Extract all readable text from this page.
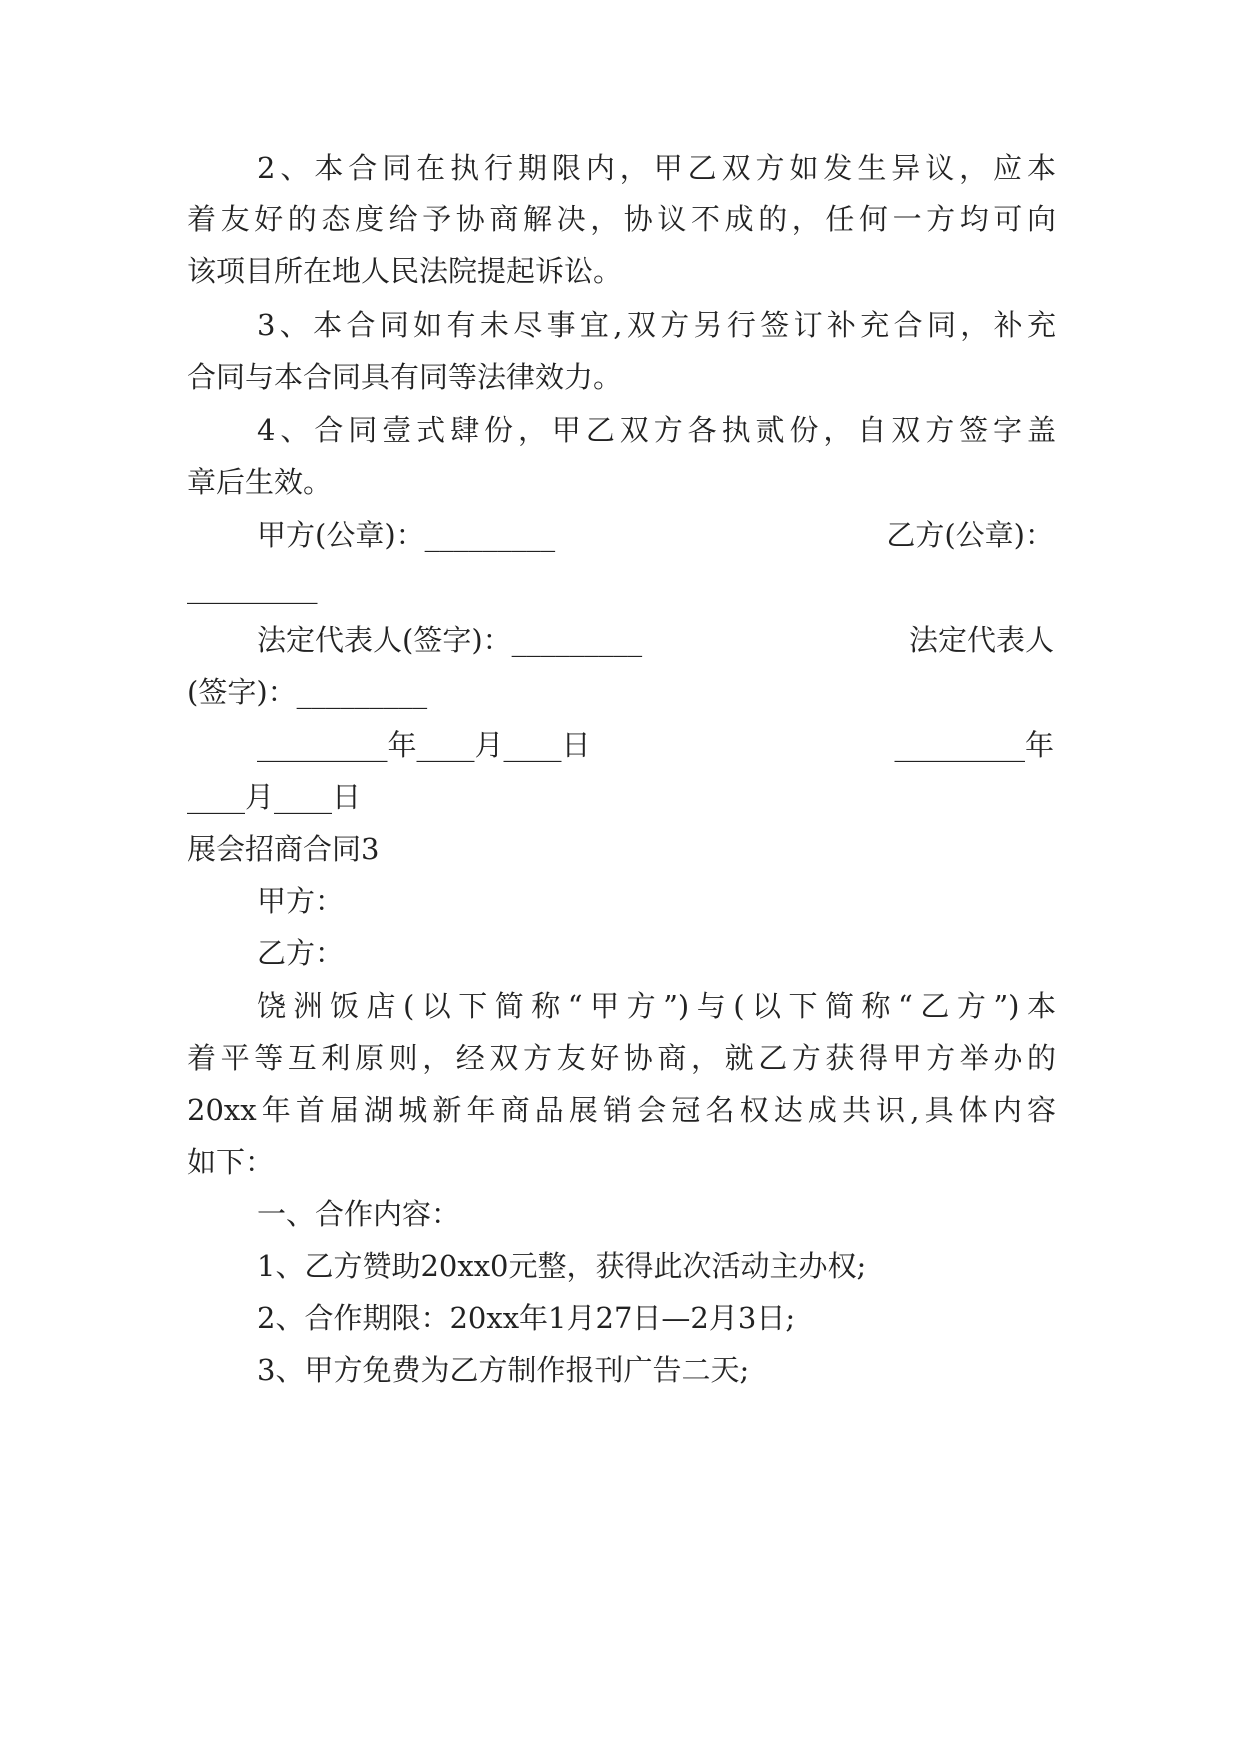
2、本合同在执行期限内，甲乙双方如发生异议，应本
着友好的态度给予协商解决，协议不成的，任何一方均可向
该项目所在地人民法院提起诉讼。
3、本合同如有未尽事宜,双方另行签订补充合同，补充
合同与本合同具有同等法律效力。
4、合同壹式肆份，甲乙双方各执贰份，自双方签字盖
章后生效。
甲方(公章)：_________	乙方(公章)：
_________
法定代表人(签字)：_________	法定代表人
(签字)：_________
_________年____月____日	_________年
____月____日
展会招商合同3
甲方：
乙方：
饶洲饭店(以下简称“甲方”)与(以下简称“乙方”)本
着平等互利原则，经双方友好协商，就乙方获得甲方举办的
20xx年首届湖城新年商品展销会冠名权达成共识,具体内容
如下：
一、合作内容：
1、乙方赞助20xx0元整，获得此次活动主办权;
2、合作期限：20xx年1月27日—2月3日;
3、甲方免费为乙方制作报刊广告二天;
